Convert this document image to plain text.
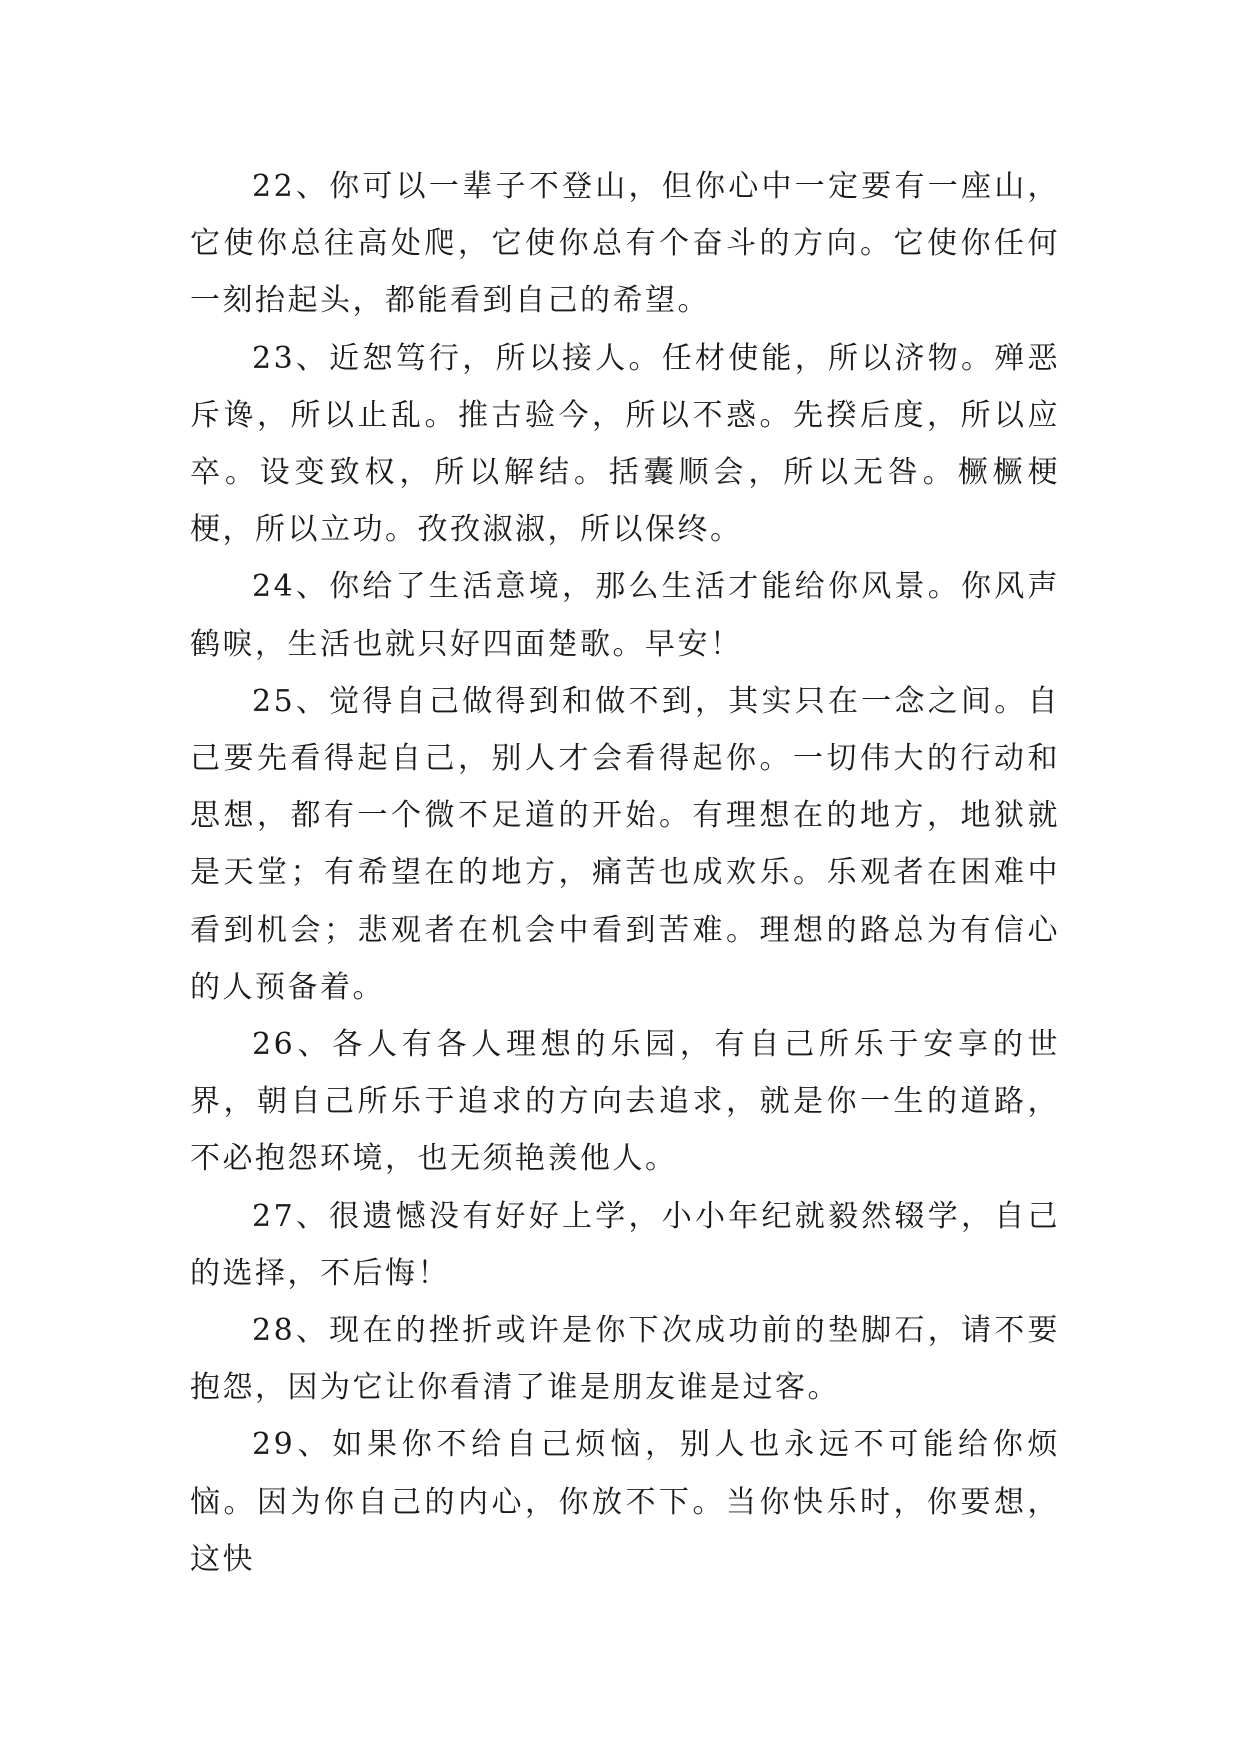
22、你可以一辈子不登山，但你心中一定要有一座山，它使你总往高处爬，它使你总有个奋斗的方向。它使你任何一刻抬起头，都能看到自己的希望。

23、近恕笃行，所以接人。任材使能，所以济物。殚恶斥谗，所以止乱。推古验今，所以不惑。先揆后度，所以应卒。设变致权，所以解结。括囊顺会，所以无咎。橛橛梗梗，所以立功。孜孜淑淑，所以保终。

24、你给了生活意境，那么生活才能给你风景。你风声鹤唳，生活也就只好四面楚歌。早安！

25、觉得自己做得到和做不到，其实只在一念之间。自己要先看得起自己，别人才会看得起你。一切伟大的行动和思想，都有一个微不足道的开始。有理想在的地方，地狱就是天堂；有希望在的地方，痛苦也成欢乐。乐观者在困难中看到机会；悲观者在机会中看到苦难。理想的路总为有信心的人预备着。

26、各人有各人理想的乐园，有自己所乐于安享的世界，朝自己所乐于追求的方向去追求，就是你一生的道路，不必抱怨环境，也无须艳羡他人。

27、很遗憾没有好好上学，小小年纪就毅然辍学，自己的选择，不后悔！

28、现在的挫折或许是你下次成功前的垫脚石，请不要抱怨，因为它让你看清了谁是朋友谁是过客。

29、如果你不给自己烦恼，别人也永远不可能给你烦恼。因为你自己的内心，你放不下。当你快乐时，你要想，这快
